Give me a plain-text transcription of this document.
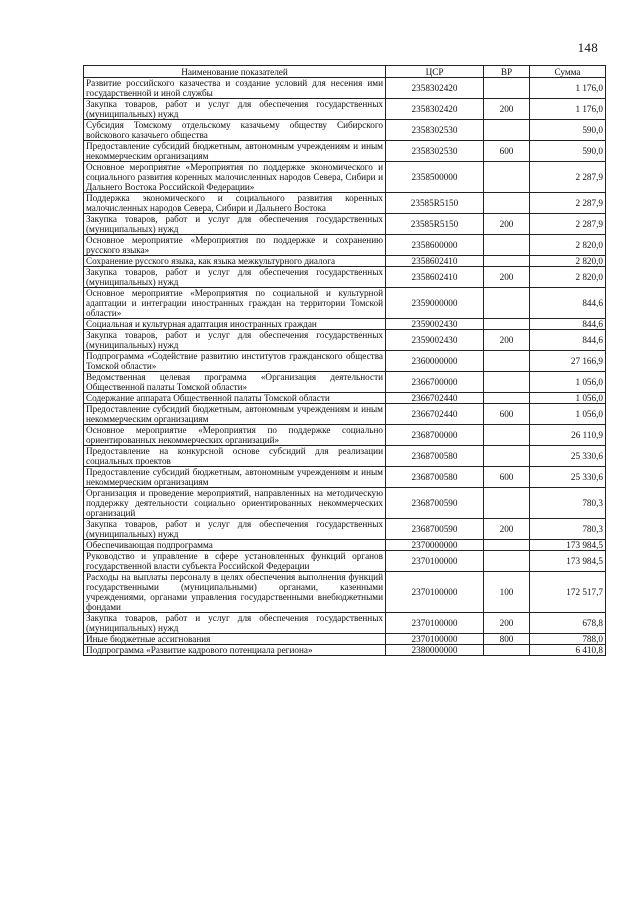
148
Наименование показателей	ЦСР	ВР	Сумма
Развитие российского казачества и создание условий для несения ими государственной и иной службы	2358302420		1 176,0
Закупка товаров, работ и услуг для обеспечения государственных (муниципальных) нужд	2358302420	200	1 176,0
Субсидия Томскому отдельскому казачьему обществу Сибирского войскового казачьего общества	2358302530		590,0
Предоставление субсидий бюджетным, автономным учреждениям и иным некоммерческим организациям	2358302530	600	590,0
Основное мероприятие «Мероприятия по поддержке экономического и социального развития коренных малочисленных народов Севера, Сибири и Дальнего Востока Российской Федерации»	2358500000		2 287,9
Поддержка экономического и социального развития коренных малочисленных народов Севера, Сибири и Дальнего Востока	23585R5150		2 287,9
Закупка товаров, работ и услуг для обеспечения государственных (муниципальных) нужд	23585R5150	200	2 287,9
Основное мероприятие «Мероприятия по поддержке и сохранению русского языка»	2358600000		2 820,0
Сохранение русского языка, как языка межкультурного диалога	2358602410		2 820,0
Закупка товаров, работ и услуг для обеспечения государственных (муниципальных) нужд	2358602410	200	2 820,0
Основное мероприятие «Мероприятия по социальной и культурной адаптации и интеграции иностранных граждан на территории Томской области»	2359000000		844,6
Социальная и культурная адаптация иностранных граждан	2359002430		844,6
Закупка товаров, работ и услуг для обеспечения государственных (муниципальных) нужд	2359002430	200	844,6
Подпрограмма «Содействие развитию институтов гражданского общества Томской области»	2360000000		27 166,9
Ведомственная целевая программа «Организация деятельности Общественной палаты Томской области»	2366700000		1 056,0
Содержание аппарата Общественной палаты Томской области	2366702440		1 056,0
Предоставление субсидий бюджетным, автономным учреждениям и иным некоммерческим организациям	2366702440	600	1 056,0
Основное мероприятие «Мероприятия по поддержке социально ориентированных некоммерческих организаций»	2368700000		26 110,9
Предоставление на конкурсной основе субсидий для реализации социальных проектов	2368700580		25 330,6
Предоставление субсидий бюджетным, автономным учреждениям и иным некоммерческим организациям	2368700580	600	25 330,6
Организация и проведение мероприятий, направленных на методическую поддержку деятельности социально ориентированных некоммерческих организаций	2368700590		780,3
Закупка товаров, работ и услуг для обеспечения государственных (муниципальных) нужд	2368700590	200	780,3
Обеспечивающая подпрограмма	2370000000		173 984,5
Руководство и управление в сфере установленных функций органов государственной власти субъекта Российской Федерации	2370100000		173 984,5
Расходы на выплаты персоналу в целях обеспечения выполнения функций государственными (муниципальными) органами, казенными учреждениями, органами управления государственными внебюджетными фондами	2370100000	100	172 517,7
Закупка товаров, работ и услуг для обеспечения государственных (муниципальных) нужд	2370100000	200	678,8
Иные бюджетные ассигнования	2370100000	800	788,0
Подпрограмма «Развитие кадрового потенциала региона»	2380000000		6 410,8
